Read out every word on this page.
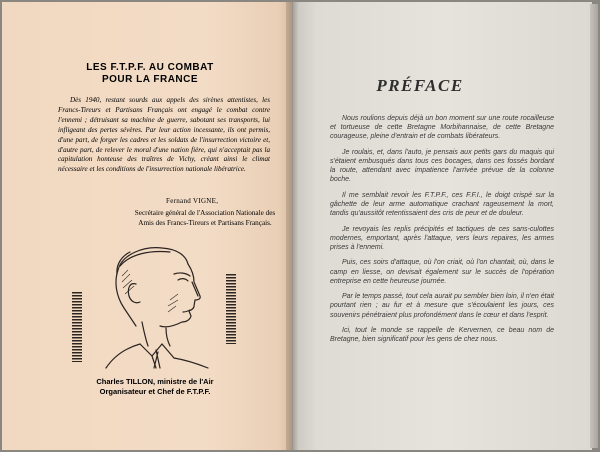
LES F.T.P.F. AU COMBAT
POUR LA FRANCE

Dès 1940, restant sourds aux appels des sirènes attentistes, les Francs-Tireurs et Partisans Français ont engagé le combat contre l'ennemi ; détruisant sa machine de guerre, sabotant ses transports, lui infligeant des pertes sévères. Par leur action incessante, ils ont permis, d'une part, de forger les cadres et les soldats de l'insurrection victoire et, d'autre part, de relever le moral d'une nation fière, qui n'acceptait pas la capitulation honteuse des traîtres de Vichy, créant ainsi le climat nécessaire et les conditions de l'insurrection nationale libératrice.

Fernand VIGNE,
Secrétaire général de l'Association Nationale des Amis des Francs-Tireurs et Partisans Français.
Charles TILLON, ministre de l'Air
Organisateur et Chef de F.T.P.F.
PRÉFACE

Nous roulions depuis déjà un bon moment sur une route rocailleuse et tortueuse de cette Bretagne Morbihannaise, de cette Bretagne courageuse, pleine d'entrain et de combats libérateurs.

Je roulais, et, dans l'auto, je pensais aux petits gars du maquis qui s'étaient embusqués dans tous ces bocages, dans ces fossés bordant la route, attendant avec impatience l'arrivée prévue de la colonne boche.

Il me semblait revoir les F.T.P.F., ces F.F.I., le doigt crispé sur la gâchette de leur arme automatique crachant rageusement la mort, tandis qu'aussitôt retentissaient des cris de peur et de douleur.

Je revoyais les replis précipités et tactiques de ces sans-culottes modernes, emportant, après l'attaque, vers leurs repaires, les armes prises à l'ennemi.

Puis, ces soirs d'attaque, où l'on criait, où l'on chantait, où, dans le camp en liesse, on devisait également sur le succès de l'opération entreprise en cette heureuse journée.

Par le temps passé, tout cela aurait pu sembler bien loin, il n'en était pourtant rien ; au fur et à mesure que s'écoulaient les jours, ces souvenirs pénétraient plus profondément dans le cœur et dans l'esprit.

Ici, tout le monde se rappelle de Kervernen, ce beau nom de Bretagne, bien significatif pour les gens de chez nous.
